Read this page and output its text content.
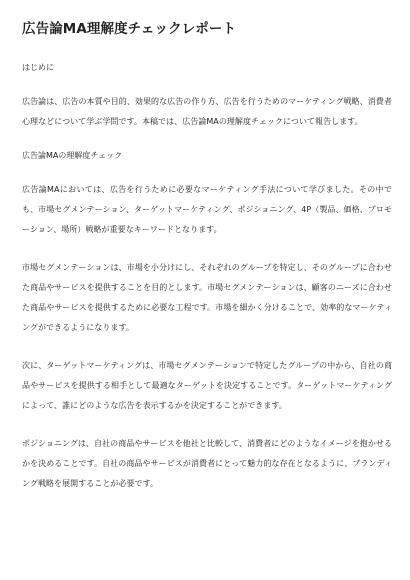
広告論MA理解度チェックレポート

はじめに

広告論は、広告の本質や目的、効果的な広告の作り方、広告を行うためのマーケティング戦略、消費者心理などについて学ぶ学問です。本稿では、広告論MAの理解度チェックについて報告します。

広告論MAの理解度チェック

広告論MAにおいては、広告を行うために必要なマーケティング手法について学びました。その中でも、市場セグメンテーション、ターゲットマーケティング、ポジショニング、4P（製品、価格、プロモーション、場所）戦略が重要なキーワードとなります。

市場セグメンテーションは、市場を小分けにし、それぞれのグループを特定し、そのグループに合わせた商品やサービスを提供することを目的とします。市場セグメンテーションは、顧客のニーズに合わせた商品やサービスを提供するために必要な工程です。市場を細かく分けることで、効率的なマーケティングができるようになります。

次に、ターゲットマーケティングは、市場セグメンテーションで特定したグループの中から、自社の商品やサービスを提供する相手として最適なターゲットを決定することです。ターゲットマーケティングによって、誰にどのような広告を表示するかを決定することができます。

ポジショニングは、自社の商品やサービスを他社と比較して、消費者にどのようなイメージを抱かせるかを決めることです。自社の商品やサービスが消費者にとって魅力的な存在となるように、ブランディング戦略を展開することが必要です。
